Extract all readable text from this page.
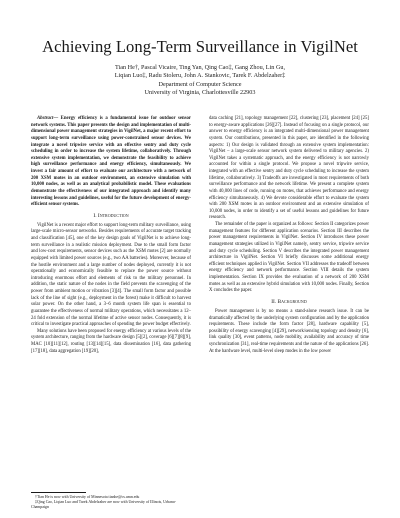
Achieving Long-Term Surveillance in VigilNet
Tian He†, Pascal Vicaire, Ting Yan, Qing Cao‡, Gang Zhou, Lin Gu,
Liqian Luo‡, Radu Stoleru, John A. Stankovic, Tarek F. Abdelzaher‡
Department of Computer Science
University of Virginia, Charlottesville 22903

Abstract— Energy efficiency is a fundamental issue for outdoor sensor network systems. This paper presents the design and implementation of multi-dimensional power management strategies in VigilNet, a major recent effort to support long-term surveillance using power-constrained sensor devices. We integrate a novel tripwire service with an effective sentry and duty cycle scheduling in order to increase the system lifetime, collaboratively. Through extensive system implementation, we demonstrate the feasibility to achieve high surveillance performance and energy efficiency, simultaneously. We invest a fair amount of effort to evaluate our architecture with a network of 200 XSM motes in an outdoor environment, an extensive simulation with 10,000 nodes, as well as an analytical probabilistic model. These evaluations demonstrate the effectiveness of our integrated approach and identify many interesting lessons and guidelines, useful for the future development of energy-efficient sensor systems.

I. Introduction

VigilNet is a recent major effort to support long-term military surveillance, using large-scale micro-sensor networks. Besides requirements of accurate target tracking and classification [45], one of the key design goals of VigilNet is to achieve long-term surveillance in a realistic mission deployment. Due to the small form factor and low-cost requirements, sensor devices such as the XSM motes [2] are normally equipped with limited power sources (e.g., two AA batteries). Moreover, because of the hostile environment and a large number of nodes deployed, currently it is not operationally and economically feasible to replace the power source without introducing enormous effort and elements of risk to the military personnel. In addition, the static nature of the nodes in the field prevents the scavenging of the power from ambient motion or vibration [3][4]. The small form factor and possible lack of the line of sight (e.g., deployment in the forest) make it difficult to harvest solar power. On the other hand, a 3–6 month system life span is essential to guarantee the effectiveness of normal military operations, which necessitates a 12–24 fold extension of the normal lifetime of active sensor nodes. Consequently, it is critical to investigate practical approaches of spending the power budget effectively.

Many solutions have been proposed for energy efficiency at various levels of the system architecture, ranging from the hardware design [5][2], coverage [6][7][8][9], MAC [10][11][12], routing [13][14][15], data dissemination [16], data gathering [17][18], data aggregation [19][20],

†Tian He is now with University of Minnesota tianhe@cs.umn.edu
‡Qing Cao, Liqian Luo and Tarek Abdelzaher are now with University of Illinois, Urbana-Champaign

data caching [21], topology management [22], clustering [23], placement [24] [25] to energy-aware applications [26][27]. Instead of focusing on a single protocol, our answer to energy efficiency is an integrated multi-dimensional power management system. Our contributions, presented in this paper, are identified in the following aspects: 1) Our design is validated through an extensive system implementation: VigilNet – a large-scale sensor network system delivered to military agencies. 2) VigilNet takes a systematic approach, and the energy efficiency is not narrowly accounted for within a single protocol. We propose a novel tripwire service, integrated with an effective sentry and duty cycle scheduling to increase the system lifetime, collaboratively. 3) Tradeoffs are investigated in most requirements of both surveillance performance and the network lifetime. We present a complete system with 40,000 lines of code, running on motes, that achieves performance and energy efficiency simultaneously. 4) We devote considerable effort to evaluate the system with 200 XSM motes in an outdoor environment and an extensive simulation of 10,000 nodes, in order to identify a set of useful lessons and guidelines for future research.

The remainder of the paper is organized as follows: Section II categorizes power management features for different application scenarios. Section III describes the power management requirements in VigilNet. Section IV introduces these power management strategies utilized in VigilNet namely, sentry service, tripwire service and duty cycle scheduling. Section V describes the integrated power management architecture in VigilNet. Section VI briefly discusses some additional energy efficient techniques applied in VigilNet. Section VII addresses the tradeoff between energy efficiency and network performance. Section VIII details the system implementation. Section IX provides the evaluation of a network of 200 XSM motes as well as an extensive hybrid simulation with 10,000 nodes. Finally, Section X concludes the paper.

II. Background

Power management is by no means a stand-alone research issue. It can be dramatically affected by the underlying system configuration and by the application requirements. These include the form factor [28], hardware capability [5], possibility of energy scavenging [4][29], network/sensing topology and density [6], link quality [30], event patterns, node mobility, availability and accuracy of time synchronization [31], real-time requirements and the nature of the applications [26]. At the hardware level, multi-level sleep modes in the low power
